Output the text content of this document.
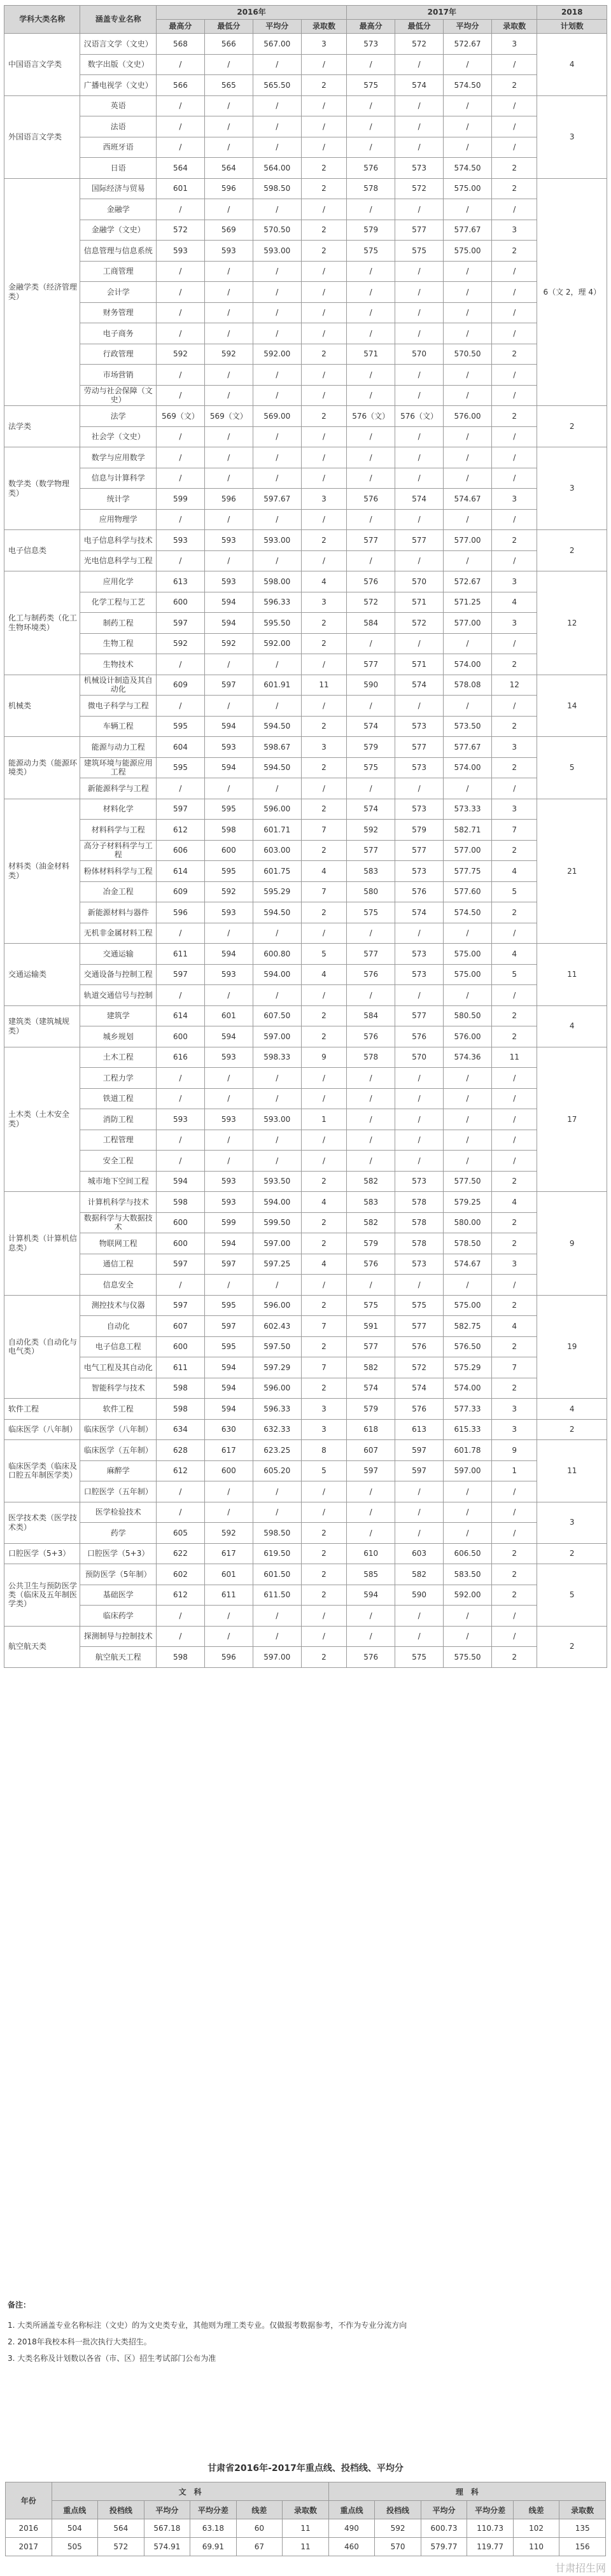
学科大类名称	涵盖专业名称	2016年				2017年				2018
		最高分	最低分	平均分	录取数	最高分	最低分	平均分	录取数	计划数
中国语言文学类	汉语言文学（文史）	568	566	567.00	3	573	572	572.67	3	4
	数字出版（文史）	/	/	/	/	/	/	/	/	
	广播电视学（文史）	566	565	565.50	2	575	574	574.50	2	
外国语言文学类	英语	/	/	/	/	/	/	/	/	3
	法语	/	/	/	/	/	/	/	/	
	西班牙语	/	/	/	/	/	/	/	/	
	日语	564	564	564.00	2	576	573	574.50	2	
金融学类（经济管理类）	国际经济与贸易	601	596	598.50	2	578	572	575.00	2	6（文 2，理 4）
	金融学	/	/	/	/	/	/	/	/	
	金融学（文史）	572	569	570.50	2	579	577	577.67	3	
	信息管理与信息系统	593	593	593.00	2	575	575	575.00	2	
	工商管理	/	/	/	/	/	/	/	/	
	会计学	/	/	/	/	/	/	/	/	
	财务管理	/	/	/	/	/	/	/	/	
	电子商务	/	/	/	/	/	/	/	/	
	行政管理	592	592	592.00	2	571	570	570.50	2	
	市场营销	/	/	/	/	/	/	/	/	
	劳动与社会保障（文史）	/	/	/	/	/	/	/	/	
法学类	法学	569（文）	569（文）	569.00	2	576（文）	576（文）	576.00	2	2
	社会学（文史）	/	/	/	/	/	/	/	/	
数学类（数学物理类）	数学与应用数学	/	/	/	/	/	/	/	/	3
	信息与计算科学	/	/	/	/	/	/	/	/	
	统计学	599	596	597.67	3	576	574	574.67	3	
	应用物理学	/	/	/	/	/	/	/	/	
电子信息类	电子信息科学与技术	593	593	593.00	2	577	577	577.00	2	2
	光电信息科学与工程	/	/	/	/	/	/	/	/	
化工与制药类（化工生物环境类）	应用化学	613	593	598.00	4	576	570	572.67	3	12
	化学工程与工艺	600	594	596.33	3	572	571	571.25	4	
	制药工程	597	594	595.50	2	584	572	577.00	3	
	生物工程	592	592	592.00	2	/	/	/	/	
	生物技术	/	/	/	/	577	571	574.00	2	
机械类	机械设计制造及其自动化	609	597	601.91	11	590	574	578.08	12	14
	微电子科学与工程	/	/	/	/	/	/	/	/	
	车辆工程	595	594	594.50	2	574	573	573.50	2	
能源动力类（能源环境类）	能源与动力工程	604	593	598.67	3	579	577	577.67	3	5
	建筑环境与能源应用工程	595	594	594.50	2	575	573	574.00	2	
	新能源科学与工程	/	/	/	/	/	/	/	/	
材料类（油金材料类）	材料化学	597	595	596.00	2	574	573	573.33	3	21
	材料科学与工程	612	598	601.71	7	592	579	582.71	7	
	高分子材料科学与工程	606	600	603.00	2	577	577	577.00	2	
	粉体材料科学与工程	614	595	601.75	4	583	573	577.75	4	
	冶金工程	609	592	595.29	7	580	576	577.60	5	
	新能源材料与器件	596	593	594.50	2	575	574	574.50	2	
	无机非金属材料工程	/	/	/	/	/	/	/	/	
交通运输类	交通运输	611	594	600.80	5	577	573	575.00	4	11
	交通设备与控制工程	597	593	594.00	4	576	573	575.00	5	
	轨道交通信号与控制	/	/	/	/	/	/	/	/	
建筑类（建筑城规类）	建筑学	614	601	607.50	2	584	577	580.50	2	4
	城乡规划	600	594	597.00	2	576	576	576.00	2	
土木类（土木安全类）	土木工程	616	593	598.33	9	578	570	574.36	11	17
	工程力学	/	/	/	/	/	/	/	/	
	铁道工程	/	/	/	/	/	/	/	/	
	消防工程	593	593	593.00	1	/	/	/	/	
	工程管理	/	/	/	/	/	/	/	/	
	安全工程	/	/	/	/	/	/	/	/	
	城市地下空间工程	594	593	593.50	2	582	573	577.50	2	
计算机类（计算机信息类）	计算机科学与技术	598	593	594.00	4	583	578	579.25	4	9
	数据科学与大数据技术	600	599	599.50	2	582	578	580.00	2	
	物联网工程	600	594	597.00	2	579	578	578.50	2	
	通信工程	597	597	597.25	4	576	573	574.67	3	
	信息安全	/	/	/	/	/	/	/	/	
自动化类（自动化与电气类）	测控技术与仪器	597	595	596.00	2	575	575	575.00	2	19
	自动化	607	597	602.43	7	591	577	582.75	4	
	电子信息工程	600	595	597.50	2	577	576	576.50	2	
	电气工程及其自动化	611	594	597.29	7	582	572	575.29	7	
	智能科学与技术	598	594	596.00	2	574	574	574.00	2	
软件工程	软件工程	598	594	596.33	3	579	576	577.33	3	4
临床医学（八年制）	临床医学（八年制）	634	630	632.33	3	618	613	615.33	3	2
临床医学类（临床及口腔五年制医学类）	临床医学（五年制）	628	617	623.25	8	607	597	601.78	9	11
	麻醉学	612	600	605.20	5	597	597	597.00	1	
	口腔医学（五年制）	/	/	/	/	/	/	/	/	
医学技术类（医学技术类）	医学检验技术	/	/	/	/	/	/	/	/	3
	药学	605	592	598.50	2	/	/	/	/	
口腔医学（5+3）	口腔医学（5+3）	622	617	619.50	2	610	603	606.50	2	2
公共卫生与预防医学类（临床及五年制医学类）	预防医学（5年制）	602	601	601.50	2	585	582	583.50	2	5
	基础医学	612	611	611.50	2	594	590	592.00	2	
	临床药学	/	/	/	/	/	/	/	/	
航空航天类	探测制导与控制技术	/	/	/	/	/	/	/	/	2
	航空航天工程	598	596	597.00	2	576	575	575.50	2	

备注：

1. 大类所涵盖专业名称标注（文史）的为文史类专业，其他则为理工类专业。仅做报考数据参考，不作为专业分流方向

2. 2018年我校本科一批次执行大类招生。

3. 大类名称及计划数以各省（市、区）招生考试部门公布为准

甘肃省2016年-2017年重点线、投档线、平均分
年份	文　科						理　科					
	重点线	投档线	平均分	平均分差	线差	录取数	重点线	投档线	平均分	平均分差	线差	录取数
2016	504	564	567.18	63.18	60	11	490	592	600.73	110.73	102	135
2017	505	572	574.91	69.91	67	11	460	570	579.77	119.77	110	156
甘肃招生网
